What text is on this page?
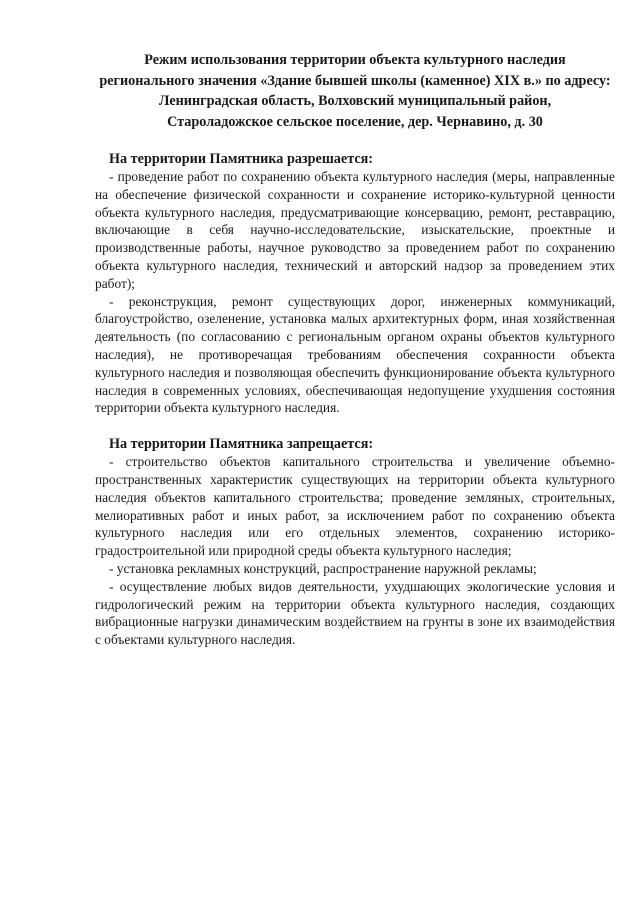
Режим использования территории объекта культурного наследия
регионального значения «Здание бывшей школы (каменное) XIX в.» по адресу:
Ленинградская область, Волховский муниципальный район,
Староладожское сельское поселение, дер. Чернавино, д. 30
На территории Памятника разрешается:

- проведение работ по сохранению объекта культурного наследия (меры, направленные на обеспечение физической сохранности и сохранение историко-культурной ценности объекта культурного наследия, предусматривающие консервацию, ремонт, реставрацию, включающие в себя научно-исследовательские, изыскательские, проектные и производственные работы, научное руководство за проведением работ по сохранению объекта культурного наследия, технический и авторский надзор за проведением этих работ);

- реконструкция, ремонт существующих дорог, инженерных коммуникаций, благоустройство, озеленение, установка малых архитектурных форм, иная хозяйственная деятельность (по согласованию с региональным органом охраны объектов культурного наследия), не противоречащая требованиям обеспечения сохранности объекта культурного наследия и позволяющая обеспечить функционирование объекта культурного наследия в современных условиях, обеспечивающая недопущение ухудшения состояния территории объекта культурного наследия.

На территории Памятника запрещается:

- строительство объектов капитального строительства и увеличение объемно-пространственных характеристик существующих на территории объекта культурного наследия объектов капитального строительства; проведение земляных, строительных, мелиоративных работ и иных работ, за исключением работ по сохранению объекта культурного наследия или его отдельных элементов, сохранению историко-градостроительной или природной среды объекта культурного наследия;

- установка рекламных конструкций, распространение наружной рекламы;

- осуществление любых видов деятельности, ухудшающих экологические условия и гидрологический режим на территории объекта культурного наследия, создающих вибрационные нагрузки динамическим воздействием на грунты в зоне их взаимодействия с объектами культурного наследия.
